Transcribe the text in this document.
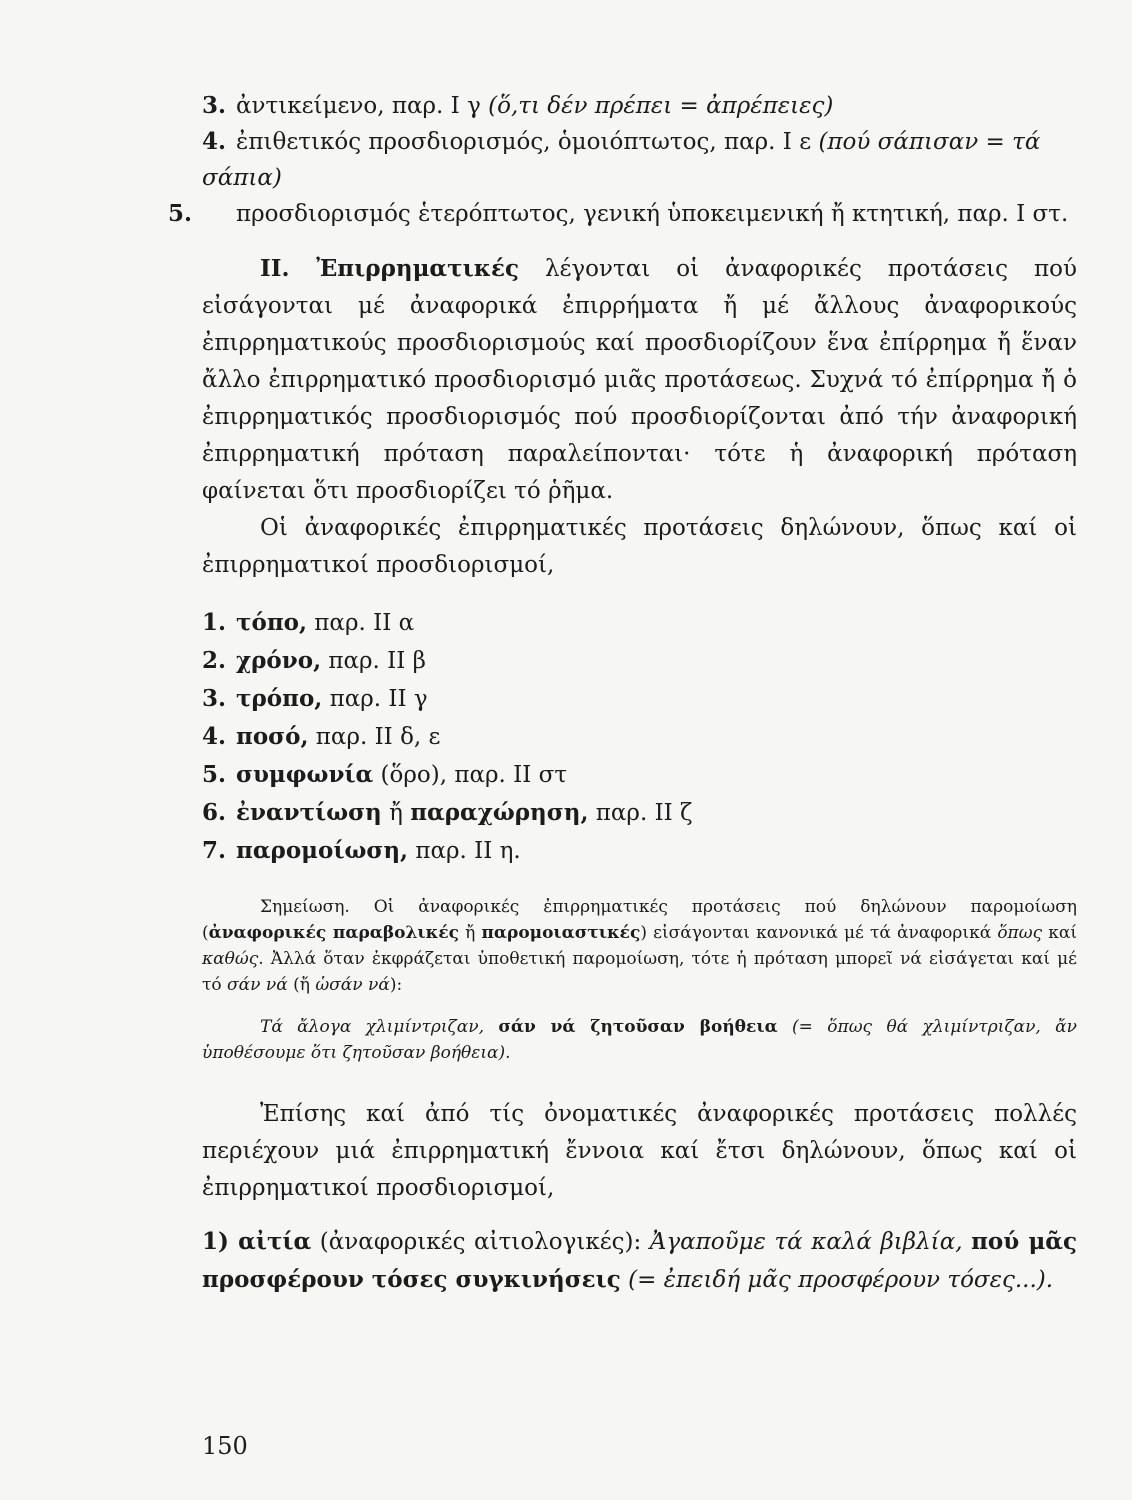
3. ἀντικείμενο, παρ. Ι γ (ὅ,τι δέν πρέπει = ἀπρέπειες)

4. ἐπιθετικός προσδιορισμός, ὁμοιόπτωτος, παρ. Ι ε (πού σάπισαν = τά σάπια)

5. προσδιορισμός ἑτερόπτωτος, γενική ὑποκειμενική ἤ κτητική, παρ. Ι στ.

ΙΙ. Ἐπιρρηματικές λέγονται οἱ ἀναφορικές προτάσεις πού εἰσάγονται μέ ἀναφορικά ἐπιρρήματα ἤ μέ ἄλλους ἀναφορικούς ἐπιρρηματικούς προσδιορισμούς καί προσδιορίζουν ἕνα ἐπίρρημα ἤ ἕναν ἄλλο ἐπιρρηματικό προσδιορισμό μιᾶς προτάσεως. Συχνά τό ἐπίρρημα ἤ ὁ ἐπιρρηματικός προσδιορισμός πού προσδιορίζονται ἀπό τήν ἀναφορική ἐπιρρηματική πρόταση παραλείπονται· τότε ἡ ἀναφορική πρόταση φαίνεται ὅτι προσδιορίζει τό ῥῆμα.

Οἱ ἀναφορικές ἐπιρρηματικές προτάσεις δηλώνουν, ὅπως καί οἱ ἐπιρρηματικοί προσδιορισμοί,

1. τόπο, παρ. ΙΙ α
2. χρόνο, παρ. ΙΙ β
3. τρόπο, παρ. ΙΙ γ
4. ποσό, παρ. ΙΙ δ, ε
5. συμφωνία (ὅρο), παρ. ΙΙ στ
6. ἐναντίωση ἤ παραχώρηση, παρ. ΙΙ ζ
7. παρομοίωση, παρ. ΙΙ η.

Σημείωση. Οἱ ἀναφορικές ἐπιρρηματικές προτάσεις πού δηλώνουν παρομοίωση (ἀναφορικές παραβολικές ἤ παρομοιαστικές) εἰσάγονται κανονικά μέ τά ἀναφορικά ὅπως καί καθώς. Ἀλλά ὅταν ἐκφράζεται ὑποθετική παρομοίωση, τότε ἡ πρόταση μπορεῖ νά εἰσάγεται καί μέ τό σάν νά (ἤ ὡσάν νά):

Τά ἄλογα χλιμίντριζαν, σάν νά ζητοῦσαν βοήθεια (= ὅπως θά χλιμίντριζαν, ἄν ὑποθέσουμε ὅτι ζητοῦσαν βοήθεια).

Ἐπίσης καί ἀπό τίς ὀνοματικές ἀναφορικές προτάσεις πολλές περιέχουν μιά ἐπιρρηματική ἔννοια καί ἔτσι δηλώνουν, ὅπως καί οἱ ἐπιρρηματικοί προσδιορισμοί,

1) αἰτία (ἀναφορικές αἰτιολογικές): Ἀγαποῦμε τά καλά βιβλία, πού μᾶς προσφέρουν τόσες συγκινήσεις (= ἐπειδή μᾶς προσφέρουν τόσες...).

150
